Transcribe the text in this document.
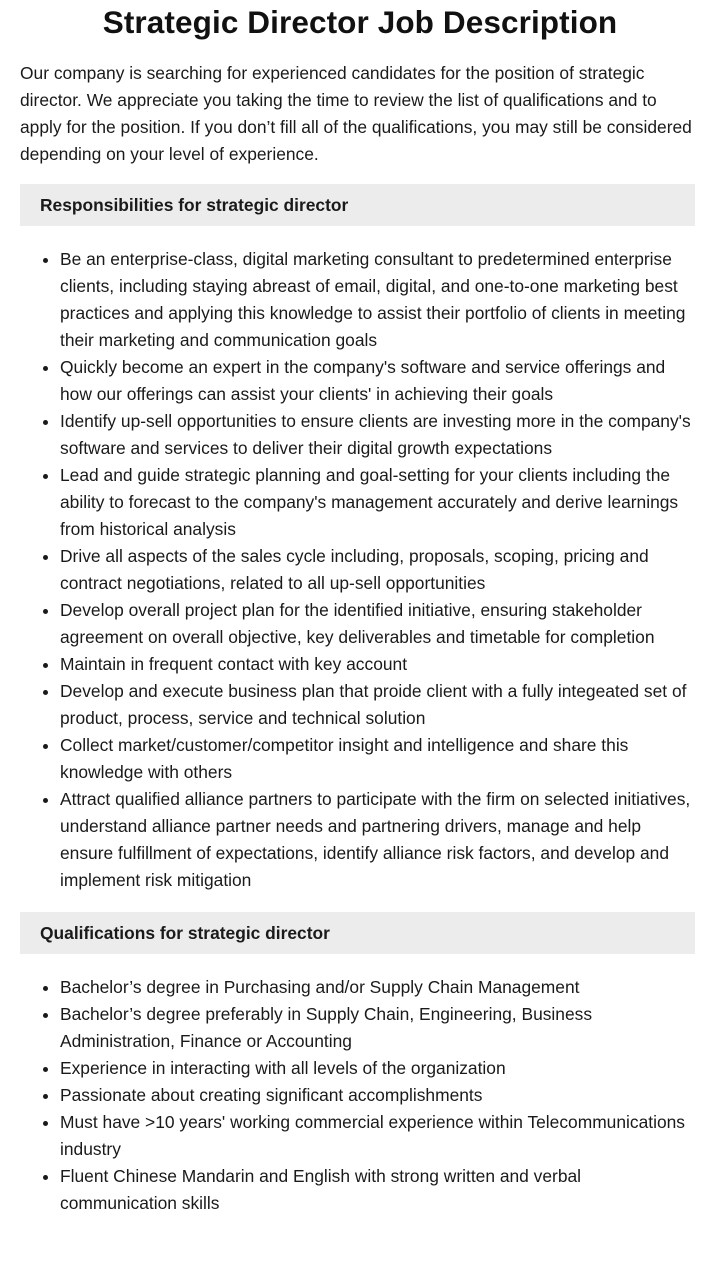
Strategic Director Job Description

Our company is searching for experienced candidates for the position of strategic director. We appreciate you taking the time to review the list of qualifications and to apply for the position. If you don’t fill all of the qualifications, you may still be considered depending on your level of experience.

Responsibilities for strategic director
• Be an enterprise-class, digital marketing consultant to predetermined enterprise clients, including staying abreast of email, digital, and one-to-one marketing best practices and applying this knowledge to assist their portfolio of clients in meeting their marketing and communication goals
• Quickly become an expert in the company's software and service offerings and how our offerings can assist your clients' in achieving their goals
• Identify up-sell opportunities to ensure clients are investing more in the company's software and services to deliver their digital growth expectations
• Lead and guide strategic planning and goal-setting for your clients including the ability to forecast to the company's management accurately and derive learnings from historical analysis
• Drive all aspects of the sales cycle including, proposals, scoping, pricing and contract negotiations, related to all up-sell opportunities
• Develop overall project plan for the identified initiative, ensuring stakeholder agreement on overall objective, key deliverables and timetable for completion
• Maintain in frequent contact with key account
• Develop and execute business plan that proide client with a fully integeated set of product, process, service and technical solution
• Collect market/customer/competitor insight and intelligence and share this knowledge with others
• Attract qualified alliance partners to participate with the firm on selected initiatives, understand alliance partner needs and partnering drivers, manage and help ensure fulfillment of expectations, identify alliance risk factors, and develop and implement risk mitigation
Qualifications for strategic director
• Bachelor’s degree in Purchasing and/or Supply Chain Management
• Bachelor’s degree preferably in Supply Chain, Engineering, Business Administration, Finance or Accounting
• Experience in interacting with all levels of the organization
• Passionate about creating significant accomplishments
• Must have >10 years' working commercial experience within Telecommunications industry
• Fluent Chinese Mandarin and English with strong written and verbal communication skills
